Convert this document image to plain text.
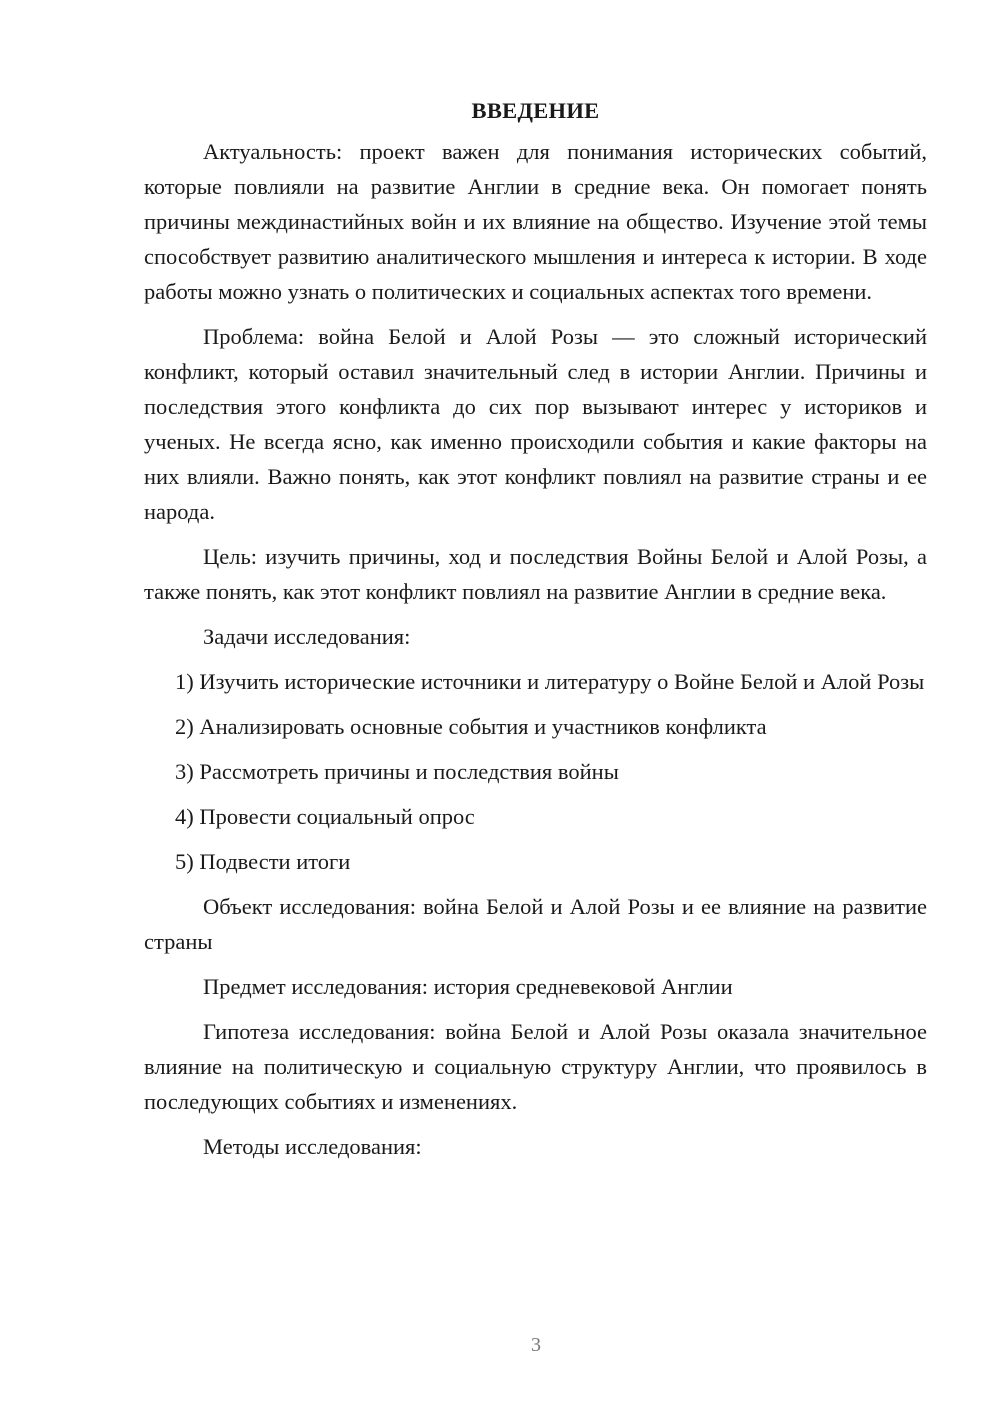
ВВЕДЕНИЕ

Актуальность: проект важен для понимания исторических событий, которые повлияли на развитие Англии в средние века. Он помогает понять причины междинастийных войн и их влияние на общество. Изучение этой темы способствует развитию аналитического мышления и интереса к истории. В ходе работы можно узнать о политических и социальных аспектах того времени.

Проблема: война Белой и Алой Розы — это сложный исторический конфликт, который оставил значительный след в истории Англии. Причины и последствия этого конфликта до сих пор вызывают интерес у историков и ученых. Не всегда ясно, как именно происходили события и какие факторы на них влияли. Важно понять, как этот конфликт повлиял на развитие страны и ее народа.

Цель: изучить причины, ход и последствия Войны Белой и Алой Розы, а также понять, как этот конфликт повлиял на развитие Англии в средние века.

Задачи исследования:

1) Изучить исторические источники и литературу о Войне Белой и Алой Розы

2) Анализировать основные события и участников конфликта

3) Рассмотреть причины и последствия войны

4) Провести социальный опрос

5) Подвести итоги

Объект исследования: война Белой и Алой Розы и ее влияние на развитие страны

Предмет исследования: история средневековой Англии

Гипотеза исследования: война Белой и Алой Розы оказала значительное влияние на политическую и социальную структуру Англии, что проявилось в последующих событиях и изменениях.

Методы исследования:

3
